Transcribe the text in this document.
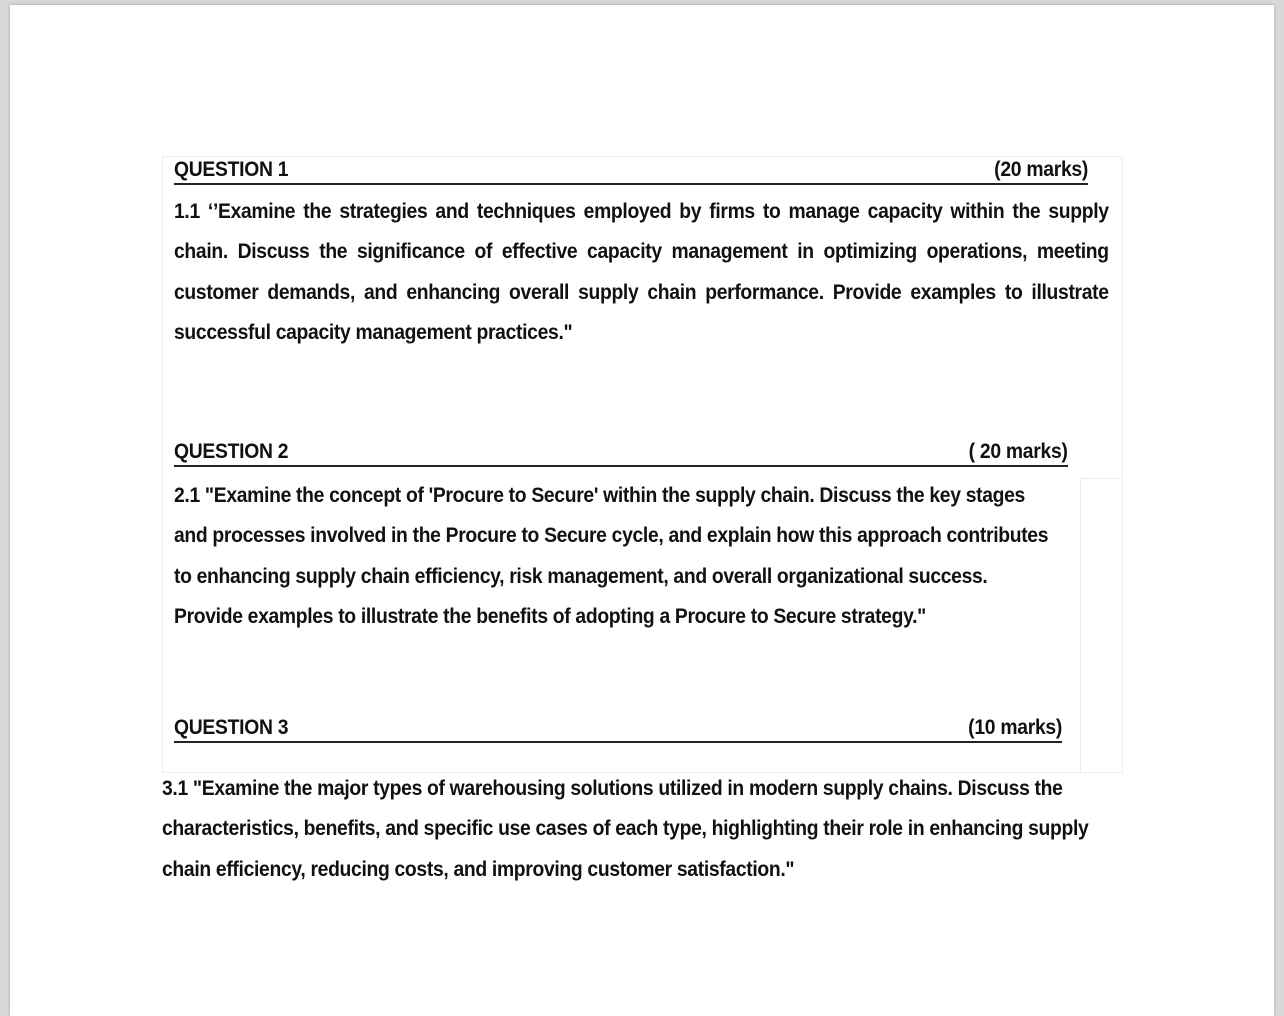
QUESTION 1	(20 marks)

1.1 ‘’Examine the strategies and techniques employed by firms to manage capacity within the supply chain. Discuss the significance of effective capacity management in optimizing operations, meeting customer demands, and enhancing overall supply chain performance. Provide examples to illustrate successful capacity management practices."

QUESTION 2	( 20 marks)

2.1 "Examine the concept of 'Procure to Secure' within the supply chain. Discuss the key stages and processes involved in the Procure to Secure cycle, and explain how this approach contributes to enhancing supply chain efficiency, risk management, and overall organizational success. Provide examples to illustrate the benefits of adopting a Procure to Secure strategy."

QUESTION 3	(10 marks)

3.1 "Examine the major types of warehousing solutions utilized in modern supply chains. Discuss the characteristics, benefits, and specific use cases of each type, highlighting their role in enhancing supply chain efficiency, reducing costs, and improving customer satisfaction."
